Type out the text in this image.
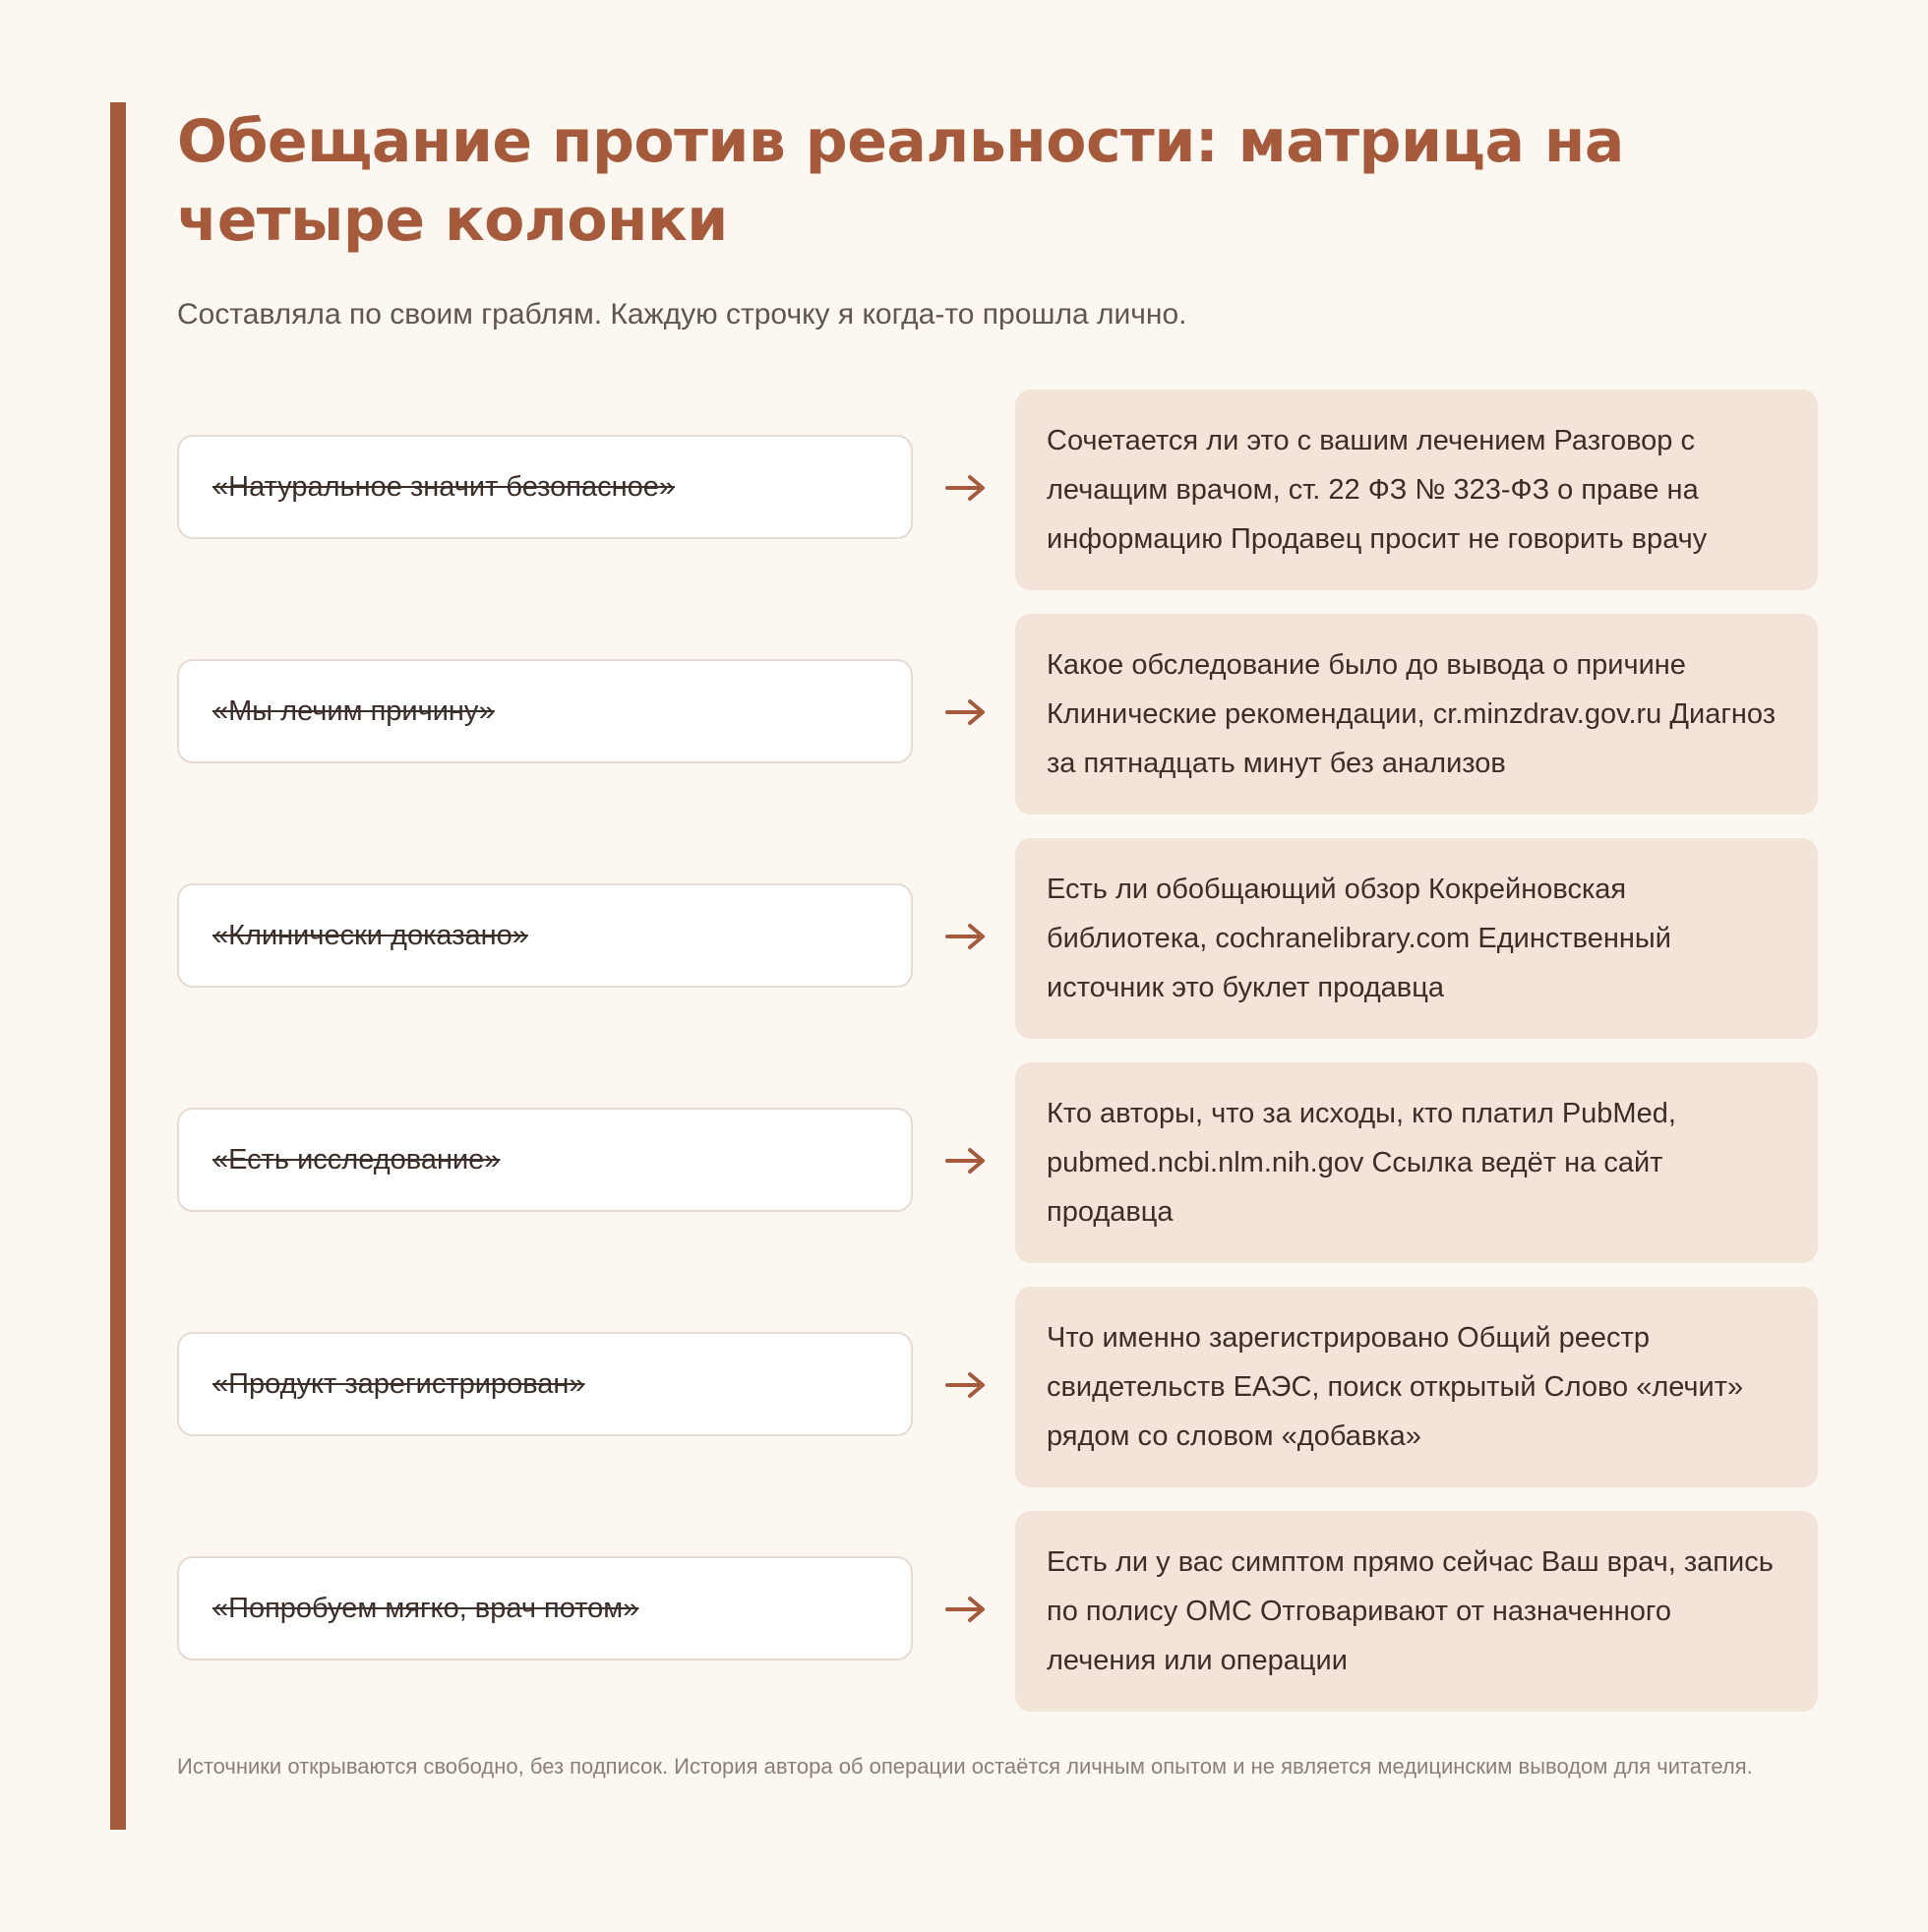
Обещание против реальности: матрица на четыре колонки

Составляла по своим граблям. Каждую строчку я когда-то прошла лично.

«Натуральное значит безопасное»
Сочетается ли это с вашим лечением Разговор с лечащим врачом, ст. 22 ФЗ № 323-ФЗ о праве на информацию Продавец просит не говорить врачу
«Мы лечим причину»
Какое обследование было до вывода о причине Клинические рекомендации, cr.minzdrav.gov.ru Диагноз за пятнадцать минут без анализов
«Клинически доказано»
Есть ли обобщающий обзор Кокрейновская библиотека, cochranelibrary.com Единственный источник это буклет продавца
«Есть исследование»
Кто авторы, что за исходы, кто платил PubMed, pubmed.ncbi.nlm.nih.gov Ссылка ведёт на сайт продавца
«Продукт зарегистрирован»
Что именно зарегистрировано Общий реестр свидетельств ЕАЭС, поиск открытый Слово «лечит» рядом со словом «добавка»
«Попробуем мягко, врач потом»
Есть ли у вас симптом прямо сейчас Ваш врач, запись по полису ОМС Отговаривают от назначенного лечения или операции

Источники открываются свободно, без подписок. История автора об операции остаётся личным опытом и не является медицинским выводом для читателя.
